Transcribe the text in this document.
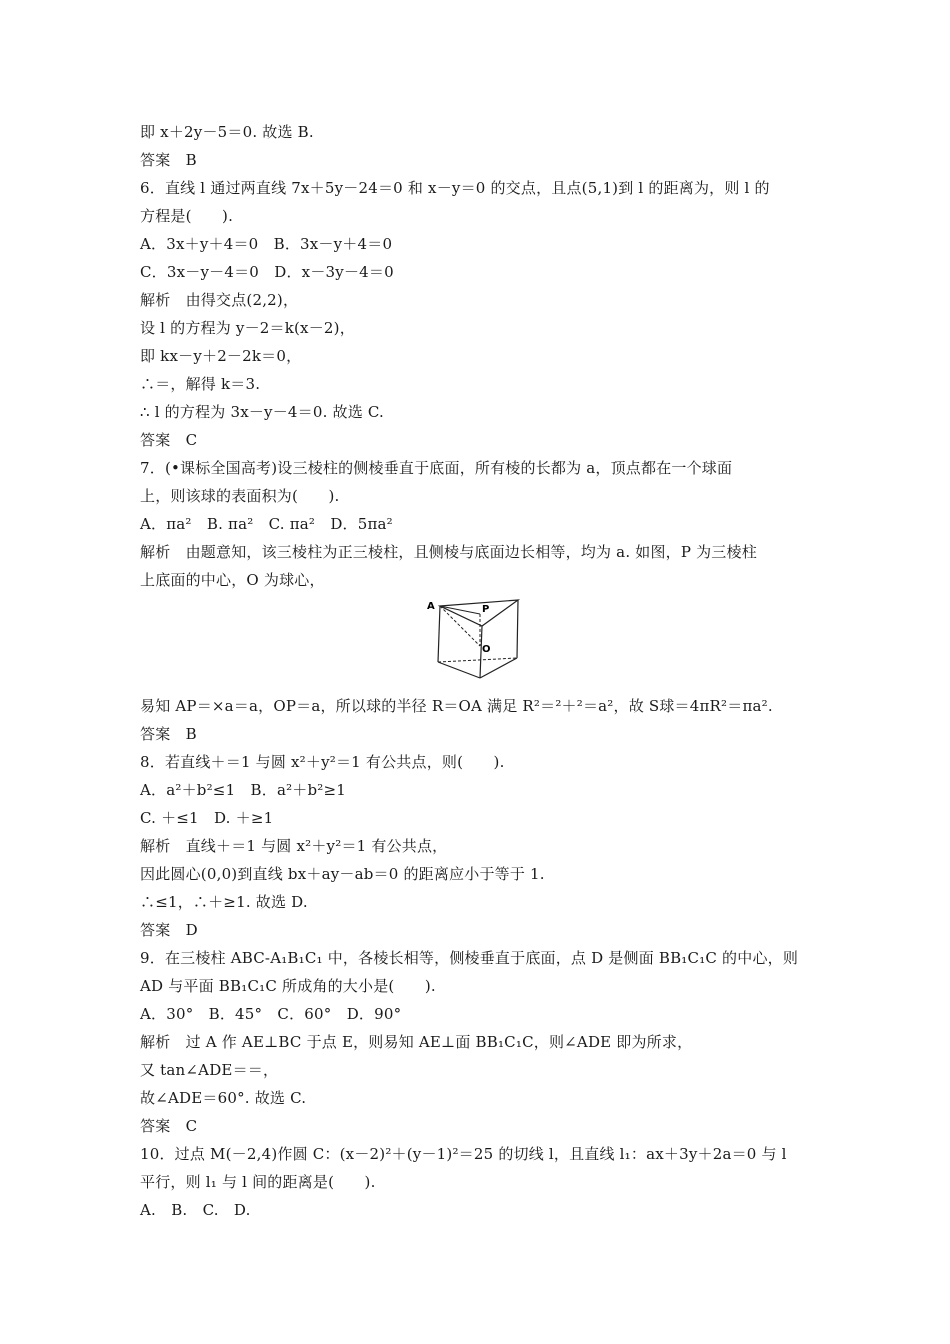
即 x＋2y－5＝0. 故选 B.
答案　B
6．直线 l 通过两直线 7x＋5y－24＝0 和 x－y＝0 的交点，且点(5,1)到 l 的距离为，则 l 的
方程是(　　).
A．3x＋y＋4＝0　B．3x－y＋4＝0
C．3x－y－4＝0　D．x－3y－4＝0
解析　由得交点(2,2)，
设 l 的方程为 y－2＝k(x－2)，
即 kx－y＋2－2k＝0，
∴＝，解得 k＝3.
∴ l 的方程为 3x－y－4＝0. 故选 C.
答案　C
7．(•课标全国高考)设三棱柱的侧棱垂直于底面，所有棱的长都为 a，顶点都在一个球面
上，则该球的表面积为(　　).
A．πa²　B. πa²　C. πa²　D．5πa²
解析　由题意知，该三棱柱为正三棱柱，且侧棱与底面边长相等，均为 a. 如图，P 为三棱柱
上底面的中心，O 为球心，
A	P
O
易知 AP＝×a＝a，OP＝a，所以球的半径 R＝OA 满足 R²＝²＋²＝a²，故 S球＝4πR²＝πa².
答案　B
8．若直线＋＝1 与圆 x²＋y²＝1 有公共点，则(　　).
A．a²＋b²≤1　B．a²＋b²≥1
C. ＋≤1　D. ＋≥1
解析　直线＋＝1 与圆 x²＋y²＝1 有公共点，
因此圆心(0,0)到直线 bx＋ay－ab＝0 的距离应小于等于 1.
∴≤1，∴＋≥1. 故选 D.
答案　D
9．在三棱柱 ABC-A₁B₁C₁ 中，各棱长相等，侧棱垂直于底面，点 D 是侧面 BB₁C₁C 的中心，则
AD 与平面 BB₁C₁C 所成角的大小是(　　).
A．30°　B．45°　C．60°　D．90°
解析　过 A 作 AE⊥BC 于点 E，则易知 AE⊥面 BB₁C₁C，则∠ADE 即为所求，
又 tan∠ADE＝＝，
故∠ADE＝60°. 故选 C.
答案　C
10．过点 M(－2,4)作圆 C：(x－2)²＋(y－1)²＝25 的切线 l，且直线 l₁：ax＋3y＋2a＝0 与 l
平行，则 l₁ 与 l 间的距离是(　　).
A.　B.　C.　D.
